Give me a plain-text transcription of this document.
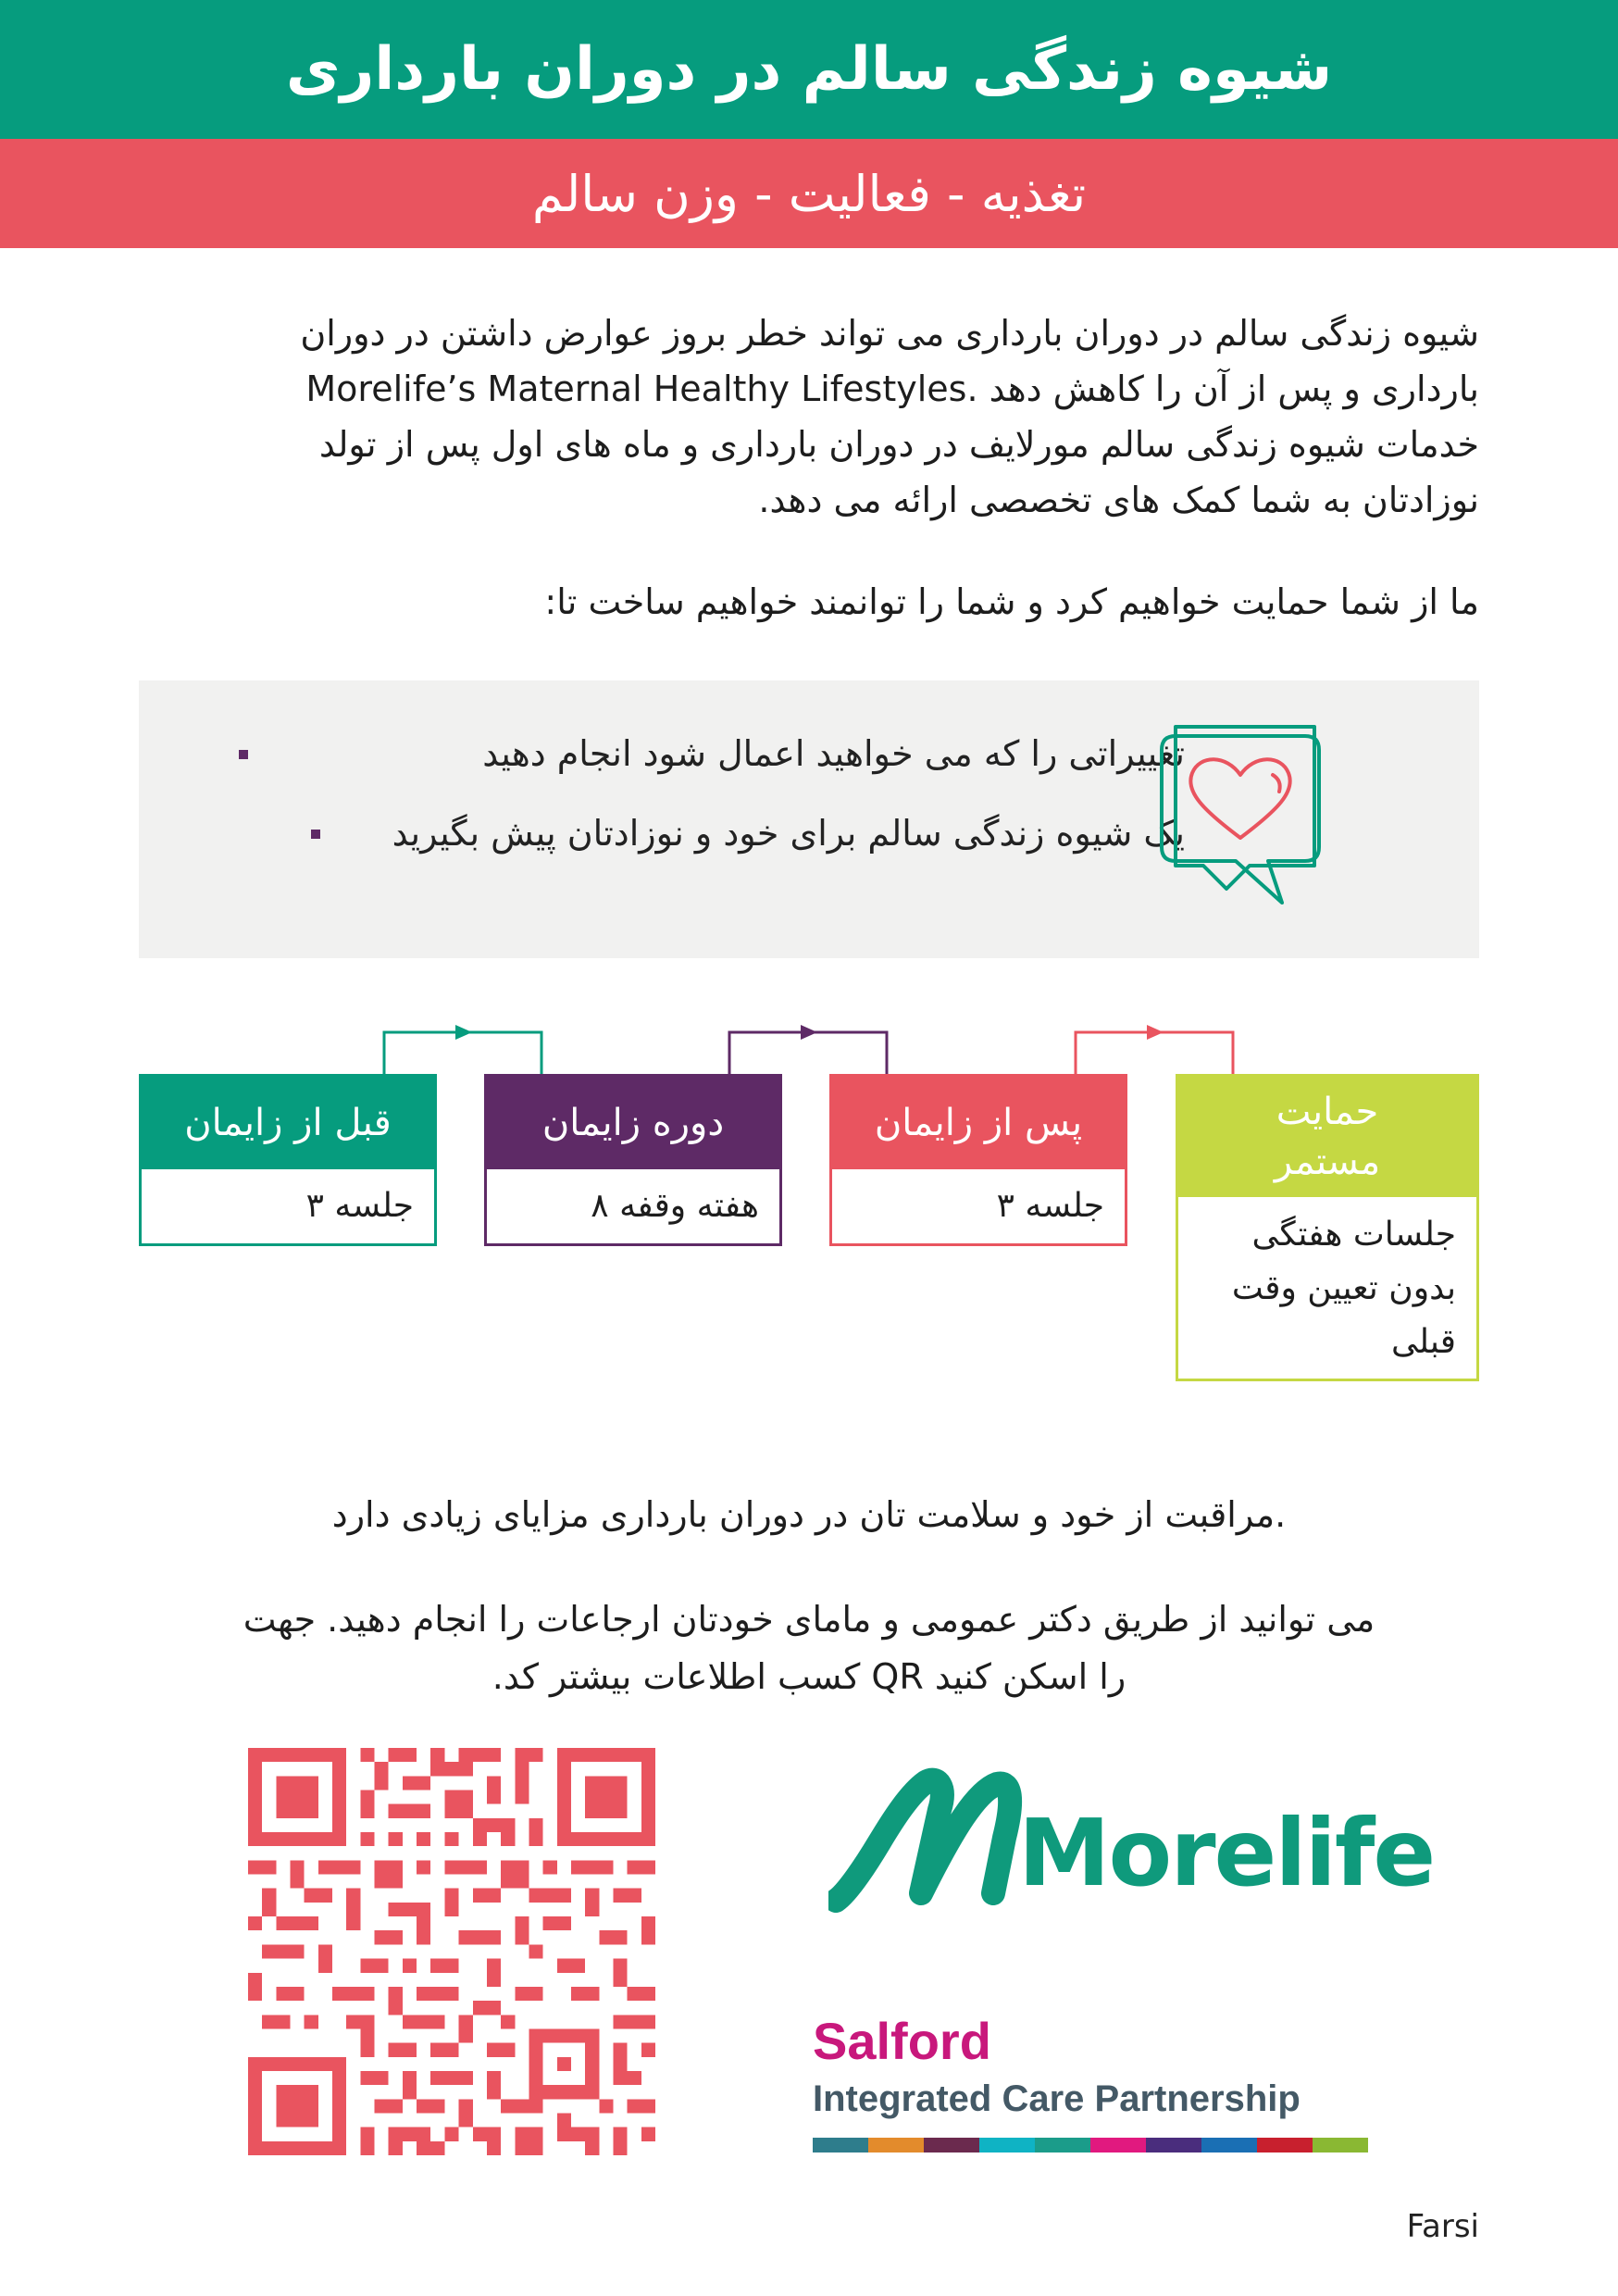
شیوه زندگی سالم در دوران بارداری
تغذیه - فعالیت - وزن سالم

شیوه زندگی سالم در دوران بارداری می تواند خطر بروز عوارض داشتن در دوران
بارداری و پس از آن را کاهش دهد .Morelife’s Maternal Healthy Lifestyles
خدمات شیوه زندگی سالم مورلایف در دوران بارداری و ماه های اول پس از تولد
نوزادتان به شما کمک های تخصصی ارائه می دهد.

ما از شما حمایت خواهیم کرد و شما را توانمند خواهیم ساخت تا:

تغییراتی را که می خواهید اعمال شود انجام دهید
یک شیوه زندگی سالم برای خود و نوزادتان پیش بگیرید
قبل از زایمان
جلسه ۳
دوره زایمان
هفته وقفه ۸
پس از زایمان
جلسه ۳
حمایت مستمر
جلسات هفتگی بدون تعیین وقت قبلی

.مراقبت از خود و سلامت تان در دوران بارداری مزایای زیادی دارد

می توانید از طریق دکتر عمومی و مامای خودتان ارجاعات را انجام دهید. جهت
را اسکن کنید QR کسب اطلاعات بیشتر کد.

Morelife
Salford
Integrated Care Partnership
Farsi
